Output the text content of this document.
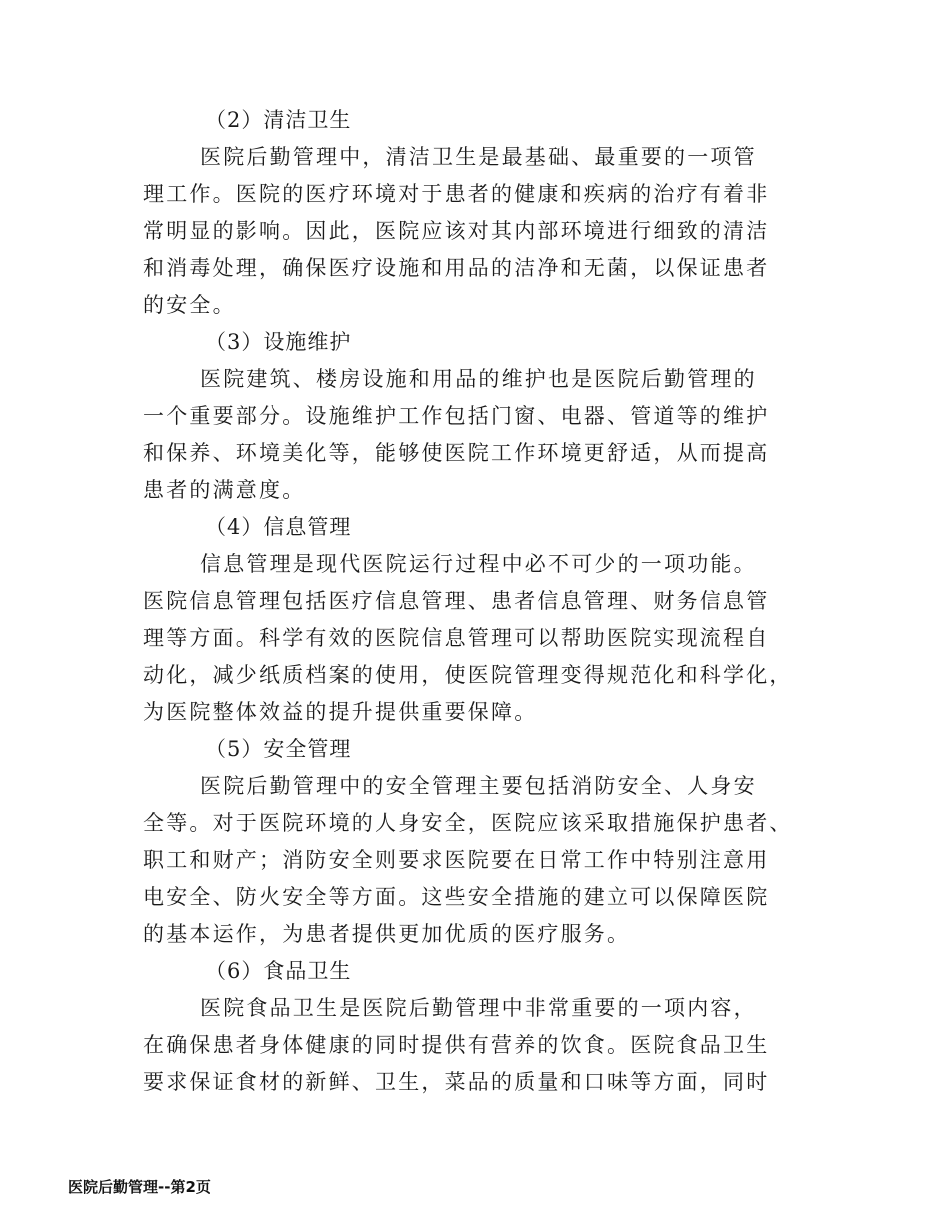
（2）清洁卫生
医院后勤管理中，清洁卫生是最基础、最重要的一项管
理工作。医院的医疗环境对于患者的健康和疾病的治疗有着非
常明显的影响。因此，医院应该对其内部环境进行细致的清洁
和消毒处理，确保医疗设施和用品的洁净和无菌，以保证患者
的安全。
（3）设施维护
医院建筑、楼房设施和用品的维护也是医院后勤管理的
一个重要部分。设施维护工作包括门窗、电器、管道等的维护
和保养、环境美化等，能够使医院工作环境更舒适，从而提高
患者的满意度。
（4）信息管理
信息管理是现代医院运行过程中必不可少的一项功能。
医院信息管理包括医疗信息管理、患者信息管理、财务信息管
理等方面。科学有效的医院信息管理可以帮助医院实现流程自
动化，减少纸质档案的使用，使医院管理变得规范化和科学化，
为医院整体效益的提升提供重要保障。
（5）安全管理
医院后勤管理中的安全管理主要包括消防安全、人身安
全等。对于医院环境的人身安全，医院应该采取措施保护患者、
职工和财产；消防安全则要求医院要在日常工作中特别注意用
电安全、防火安全等方面。这些安全措施的建立可以保障医院
的基本运作，为患者提供更加优质的医疗服务。
（6）食品卫生
医院食品卫生是医院后勤管理中非常重要的一项内容，
在确保患者身体健康的同时提供有营养的饮食。医院食品卫生
要求保证食材的新鲜、卫生，菜品的质量和口味等方面，同时
医院后勤管理--第2页
